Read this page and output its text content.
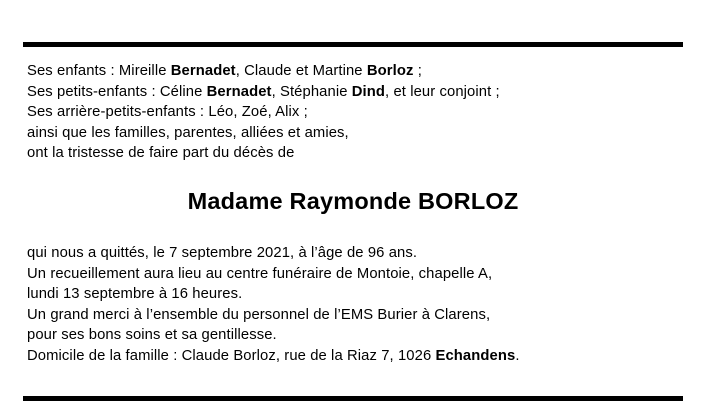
Ses enfants : Mireille Bernadet, Claude et Martine Borloz ;
Ses petits-enfants : Céline Bernadet, Stéphanie Dind, et leur conjoint ;
Ses arrière-petits-enfants : Léo, Zoé, Alix ;
ainsi que les familles, parentes, alliées et amies,
ont la tristesse de faire part du décès de
Madame Raymonde BORLOZ
qui nous a quittés, le 7 septembre 2021, à l’âge de 96 ans.
Un recueillement aura lieu au centre funéraire de Montoie, chapelle A,
lundi 13 septembre à 16 heures.
Un grand merci à l’ensemble du personnel de l’EMS Burier à Clarens,
pour ses bons soins et sa gentillesse.
Domicile de la famille : Claude Borloz, rue de la Riaz 7, 1026 Echandens.
